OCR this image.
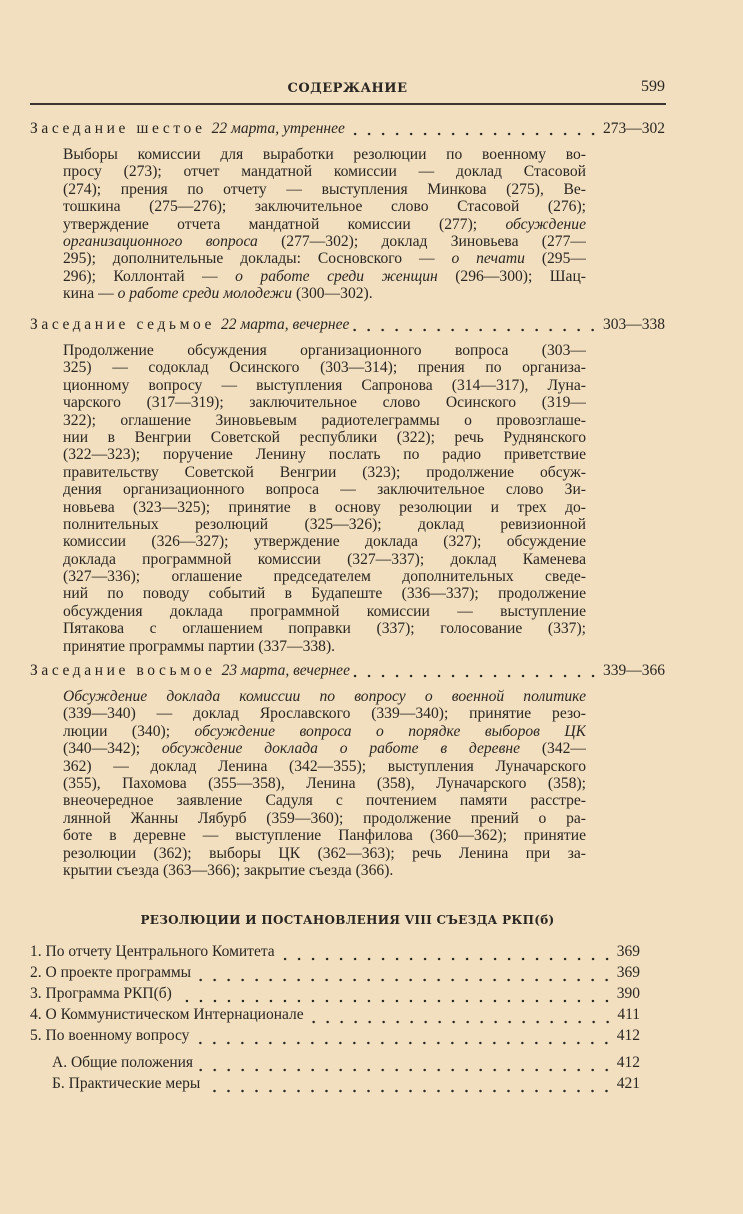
СОДЕРЖАНИЕ	599
Заседание шестое 22 марта, утреннее	273—302
Выборы комиссии для выработки резолюции по военному во-
просу (273); отчет мандатной комиссии — доклад Стасовой
(274); прения по отчету — выступления Минкова (275), Ве-
тошкина (275—276); заключительное слово Стасовой (276);
утверждение отчета мандатной комиссии (277); обсуждение
организационного вопроса (277—302); доклад Зиновьева (277—
295); дополнительные доклады: Сосновского — о печати (295—
296); Коллонтай — о работе среди женщин (296—300); Шац-
кина — о работе среди молодежи (300—302).
Заседание седьмое 22 марта, вечернее	303—338
Продолжение обсуждения организационного вопроса (303—
325) — содоклад Осинского (303—314); прения по организа-
ционному вопросу — выступления Сапронова (314—317), Луна-
чарского (317—319); заключительное слово Осинского (319—
322); оглашение Зиновьевым радиотелеграммы о провозглаше-
нии в Венгрии Советской республики (322); речь Руднянского
(322—323); поручение Ленину послать по радио приветствие
правительству Советской Венгрии (323); продолжение обсуж-
дения организационного вопроса — заключительное слово Зи-
новьева (323—325); принятие в основу резолюции и трех до-
полнительных резолюций (325—326); доклад ревизионной
комиссии (326—327); утверждение доклада (327); обсуждение
доклада программной комиссии (327—337); доклад Каменева
(327—336); оглашение председателем дополнительных сведе-
ний по поводу событий в Будапеште (336—337); продолжение
обсуждения доклада программной комиссии — выступление
Пятакова с оглашением поправки (337); голосование (337);
принятие программы партии (337—338).
Заседание восьмое 23 марта, вечернее	339—366
Обсуждение доклада комиссии по вопросу о военной политике
(339—340) — доклад Ярославского (339—340); принятие резо-
люции (340); обсуждение вопроса о порядке выборов ЦК
(340—342); обсуждение доклада о работе в деревне (342—
362) — доклад Ленина (342—355); выступления Луначарского
(355), Пахомова (355—358), Ленина (358), Луначарского (358);
внеочередное заявление Садуля с почтением памяти расстре-
лянной Жанны Лябурб (359—360); продолжение прений о ра-
боте в деревне — выступление Панфилова (360—362); принятие
резолюции (362); выборы ЦК (362—363); речь Ленина при за-
крытии съезда (363—366); закрытие съезда (366).
РЕЗОЛЮЦИИ И ПОСТАНОВЛЕНИЯ VIII СЪЕЗДА РКП(б)
1. По отчету Центрального Комитета	369
2. О проекте программы	369
3. Программа РКП(б)	390
4. О Коммунистическом Интернационале	411
5. По военному вопросу	412
А. Общие положения	412
Б. Практические меры	421
